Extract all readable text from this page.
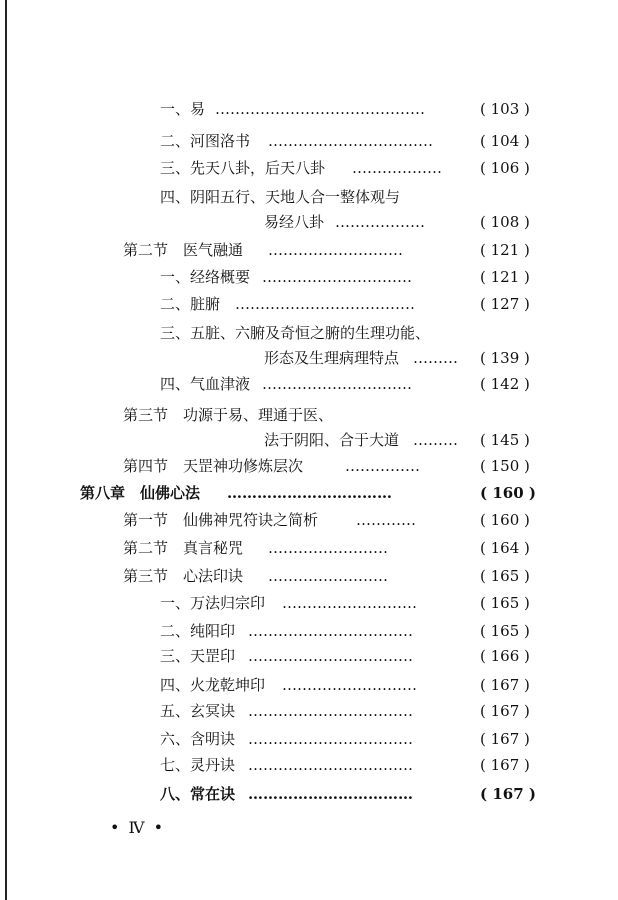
一、易 ……………………………………	( 103 )
二、河图洛书 ……………………………	( 104 )
三、先天八卦，后天八卦 ………………	( 106 )
四、阴阳五行、天地人合一整体观与
易经八卦 ………………	( 108 )
第二节　医气融通 ………………………	( 121 )
一、经络概要 …………………………	( 121 )
二、脏腑 ………………………………	( 127 )
三、五脏、六腑及奇恒之腑的生理功能、
形态及生理病理特点 ……… ( 139 )
四、气血津液 …………………………	( 142 )
第三节　功源于易、理通于医、
法于阴阳、合于大道 ……… ( 145 )
第四节　天罡神功修炼层次	……………	( 150 )
第八章　仙佛心法 ……………………………	( 160 )
第一节　仙佛神咒符诀之简析	…………	( 160 )
第二节　真言秘咒 ……………………	( 164 )
第三节　心法印诀 ……………………	( 165 )
一、万法归宗印 ………………………	( 165 )
二、纯阳印 ……………………………	( 165 )
三、天罡印 ……………………………	( 166 )
四、火龙乾坤印 ………………………	( 167 )
五、玄冥诀 ……………………………	( 167 )
六、含明诀 ……………………………	( 167 )
七、灵丹诀 ……………………………	( 167 )
八、常在诀 ……………………………	( 167 )
• Ⅳ •
